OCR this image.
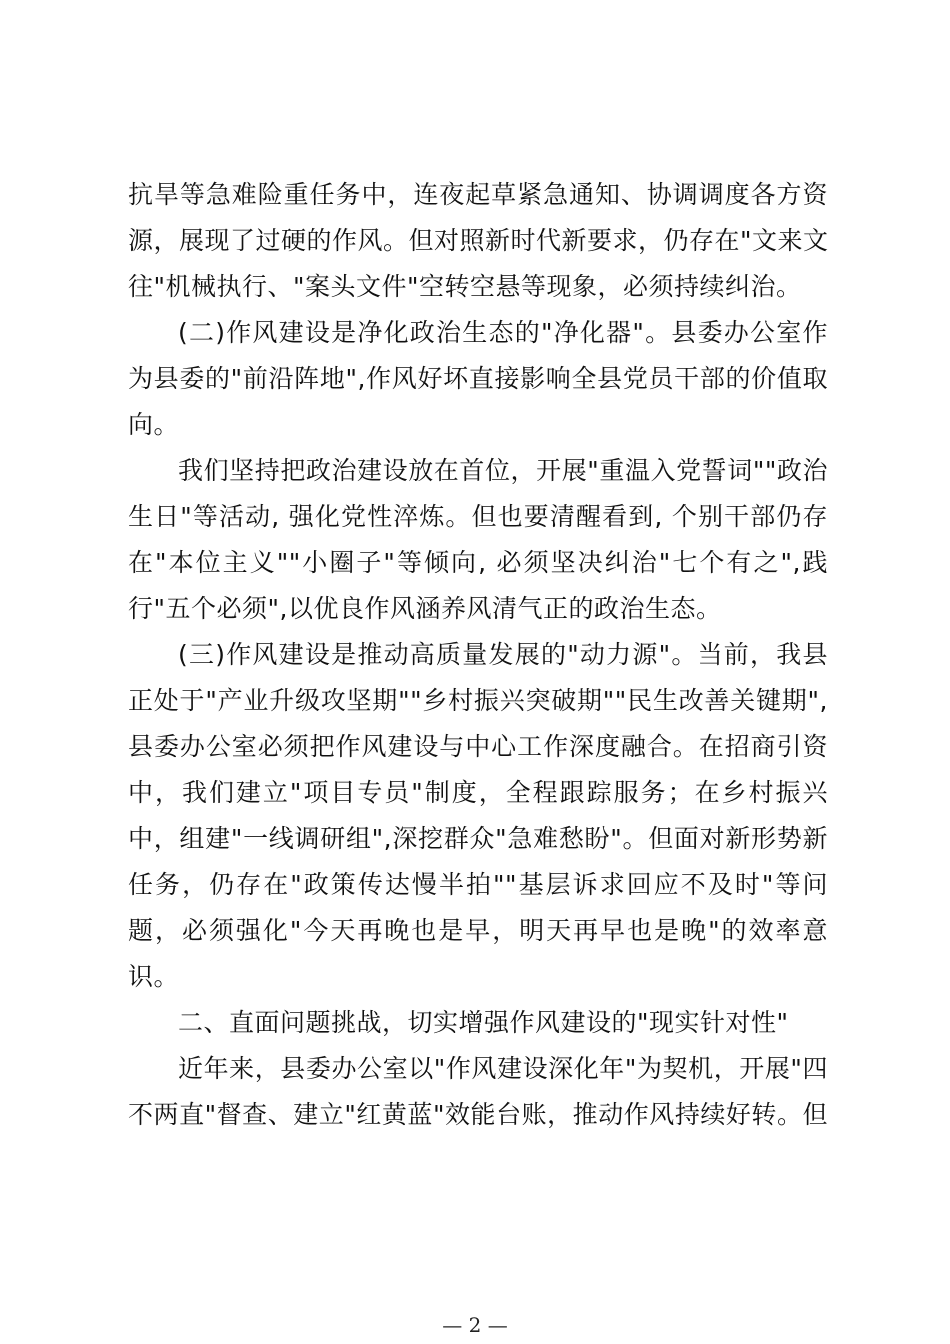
抗旱等急难险重任务中，连夜起草紧急通知、协调调度各方资
源，展现了过硬的作风。但对照新时代新要求，仍存在"文来文
往"机械执行、"案头文件"空转空悬等现象，必须持续纠治。
(二)作风建设是净化政治生态的"净化器"。县委办公室作
为县委的"前沿阵地",作风好坏直接影响全县党员干部的价值取
向。
我们坚持把政治建设放在首位，开展"重温入党誓词""政治
生日"等活动, 强化党性淬炼。但也要清醒看到, 个别干部仍存
在"本位主义""小圈子"等倾向, 必须坚决纠治"七个有之",践
行"五个必须",以优良作风涵养风清气正的政治生态。
(三)作风建设是推动高质量发展的"动力源"。当前，我县
正处于"产业升级攻坚期""乡村振兴突破期""民生改善关键期",
县委办公室必须把作风建设与中心工作深度融合。在招商引资
中，我们建立"项目专员"制度，全程跟踪服务；在乡村振兴
中，组建"一线调研组",深挖群众"急难愁盼"。但面对新形势新
任务，仍存在"政策传达慢半拍""基层诉求回应不及时"等问
题，必须强化"今天再晚也是早，明天再早也是晚"的效率意
识。
二、直面问题挑战，切实增强作风建设的"现实针对性"
近年来，县委办公室以"作风建设深化年"为契机，开展"四
不两直"督查、建立"红黄蓝"效能台账，推动作风持续好转。但
— 2 —
